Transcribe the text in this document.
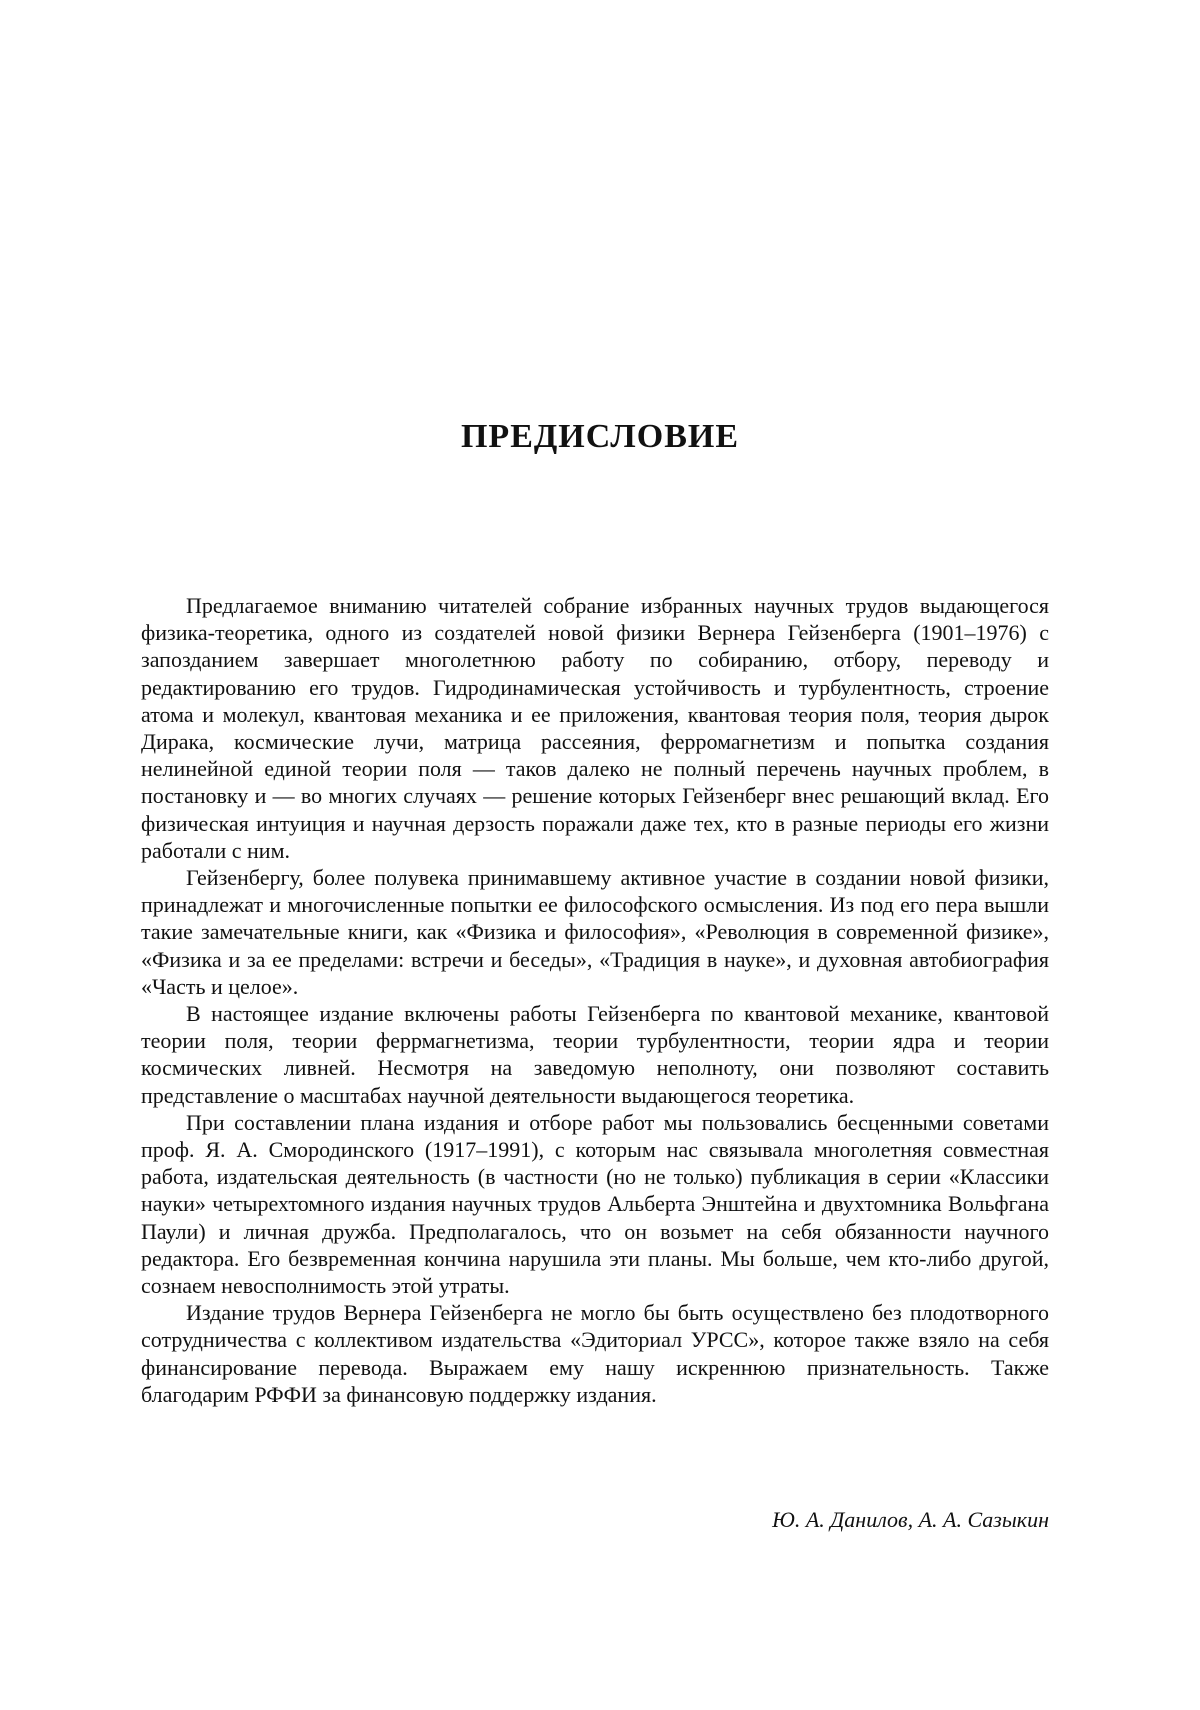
ПРЕДИСЛОВИЕ

Предлагаемое вниманию читателей собрание избранных научных трудов выдающегося физика-теоретика, одного из создателей новой физики Вернера Гейзенберга (1901–1976) с запозданием завершает многолетнюю работу по собиранию, отбору, переводу и редактированию его трудов. Гидродинамическая устойчивость и турбулентность, строение атома и молекул, квантовая механика и ее приложения, квантовая теория поля, теория дырок Дирака, космические лучи, матрица рассеяния, ферромагнетизм и попытка создания нелинейной единой теории поля — таков далеко не полный перечень научных проблем, в постановку и — во многих случаях — решение которых Гейзенберг внес решающий вклад. Его физическая интуиция и научная дерзость поражали даже тех, кто в разные периоды его жизни работали с ним.

Гейзенбергу, более полувека принимавшему активное участие в создании новой физики, принадлежат и многочисленные попытки ее философского осмысления. Из под его пера вышли такие замечательные книги, как «Физика и философия», «Революция в современной физике», «Физика и за ее пределами: встречи и беседы», «Традиция в науке», и духовная автобиография «Часть и целое».

В настоящее издание включены работы Гейзенберга по квантовой механике, квантовой теории поля, теории феррмагнетизма, теории турбулентности, теории ядра и теории космических ливней. Несмотря на заведомую неполноту, они позволяют составить представление о масштабах научной деятельности выдающегося теоретика.

При составлении плана издания и отборе работ мы пользовались бесценными советами проф. Я. А. Смородинского (1917–1991), с которым нас связывала многолетняя совместная работа, издательская деятельность (в частности (но не только) публикация в серии «Классики науки» четырехтомного издания научных трудов Альберта Энштейна и двухтомника Вольфгана Паули) и личная дружба. Предполагалось, что он возьмет на себя обязанности научного редактора. Его безвременная кончина нарушила эти планы. Мы больше, чем кто-либо другой, сознаем невосполнимость этой утраты.

Издание трудов Вернера Гейзенберга не могло бы быть осуществлено без плодотворного сотрудничества с коллективом издательства «Эдиториал УРСС», которое также взяло на себя финансирование перевода. Выражаем ему нашу искреннюю признательность. Также благодарим РФФИ за финансовую поддержку издания.

Ю. А. Данилов, А. А. Сазыкин
